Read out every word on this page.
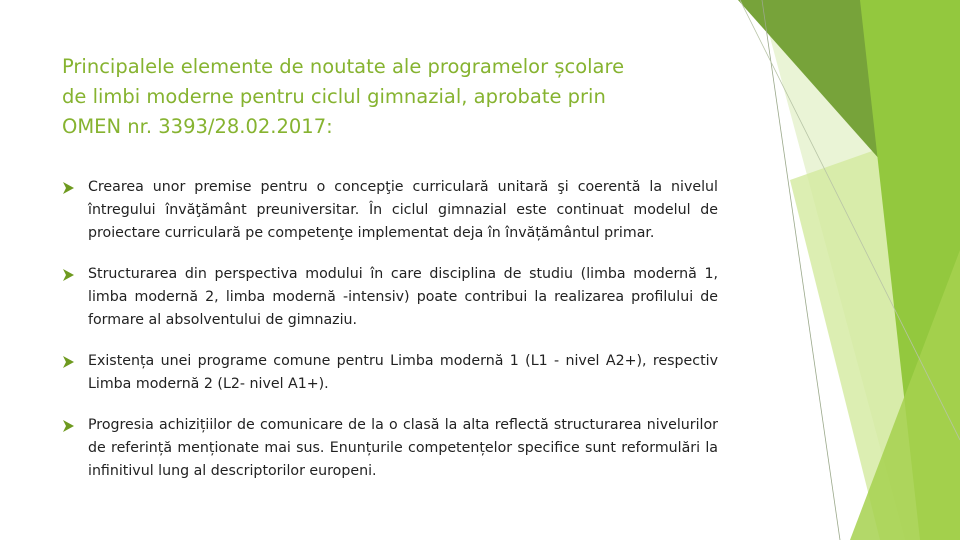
Principalele elemente de noutate ale programelor școlare
de limbi moderne pentru ciclul gimnazial, aprobate prin
OMEN nr. 3393/28.02.2017:
Crearea unor premise pentru o concepţie curriculară unitară şi coerentă la nivelul întregului învăţământ preuniversitar. În ciclul gimnazial este continuat modelul de proiectare curriculară pe competenţe implementat deja în învățământul primar.
Structurarea din perspectiva modului în care disciplina de studiu (limba modernă 1, limba modernă 2, limba modernă -intensiv) poate contribui la realizarea profilului de formare al absolventului de gimnaziu.
Existența unei programe comune pentru Limba modernă 1 (L1 - nivel A2+), respectiv Limba modernă 2 (L2- nivel A1+).
Progresia achizițiilor de comunicare de la o clasă la alta reflectă structurarea nivelurilor de referință menționate mai sus. Enunțurile competențelor specifice sunt reformulări la infinitivul lung al descriptorilor europeni.
